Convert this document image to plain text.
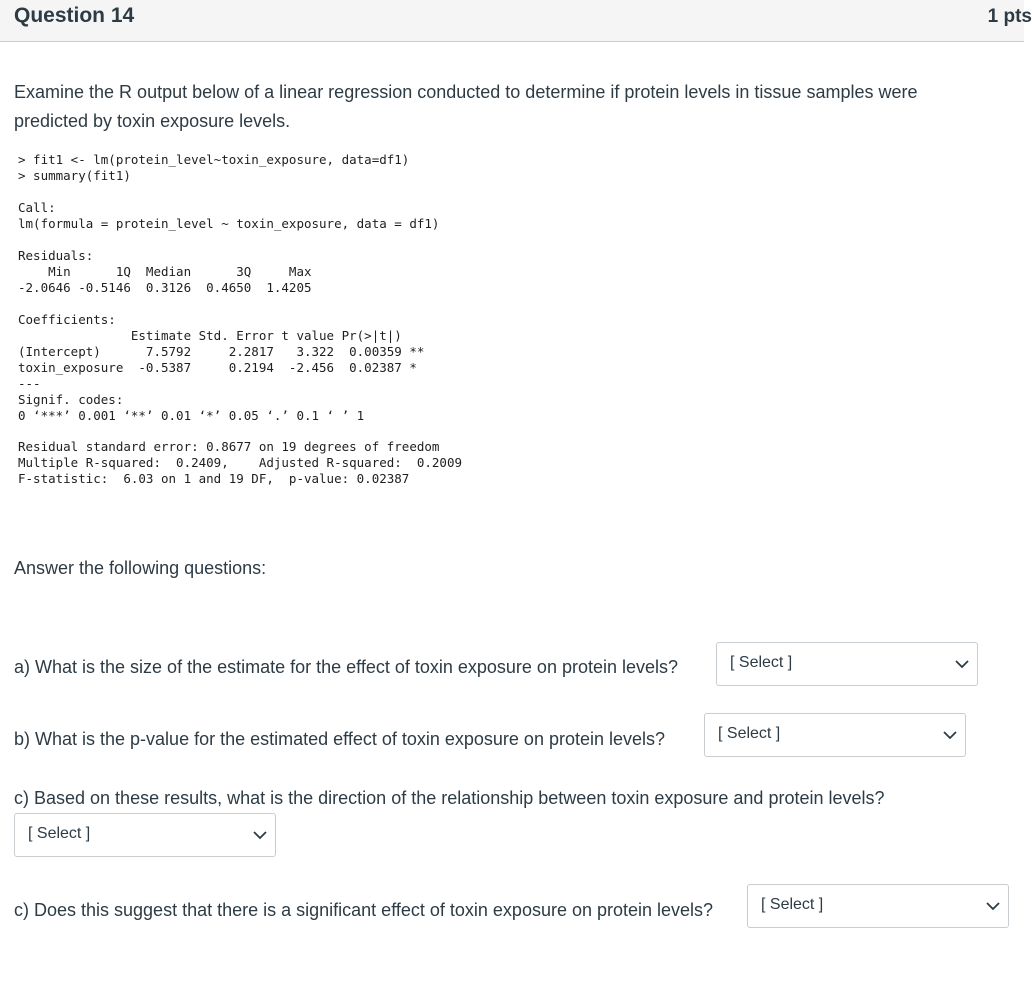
Question 14	1 pts

Examine the R output below of a linear regression conducted to determine if protein levels in tissue samples were predicted by toxin exposure levels.

> fit1 <- lm(protein_level~toxin_exposure, data=df1)
> summary(fit1)
Call:
lm(formula = protein_level ~ toxin_exposure, data = df1)
Residuals:
Min      1Q  Median      3Q     Max
-2.0646 -0.5146  0.3126  0.4650  1.4205
Coefficients:
Estimate Std. Error t value Pr(>|t|)
(Intercept)      7.5792     2.2817   3.322  0.00359 **
toxin_exposure  -0.5387     0.2194  -2.456  0.02387 *
---
Signif. codes:
0 ‘***’ 0.001 ‘**’ 0.01 ‘*’ 0.05 ‘.’ 0.1 ‘ ’ 1
Residual standard error: 0.8677 on 19 degrees of freedom
Multiple R-squared:  0.2409,    Adjusted R-squared:  0.2009
F-statistic:  6.03 on 1 and 19 DF,  p-value: 0.02387

Answer the following questions:

a) What is the size of the estimate for the effect of toxin exposure on protein levels?	[ Select ]

b) What is the p-value for the estimated effect of toxin exposure on protein levels?	[ Select ]

c) Based on these results, what is the direction of the relationship between toxin exposure and protein levels?

[ Select ]

c) Does this suggest that there is a significant effect of toxin exposure on protein levels?	[ Select ]
